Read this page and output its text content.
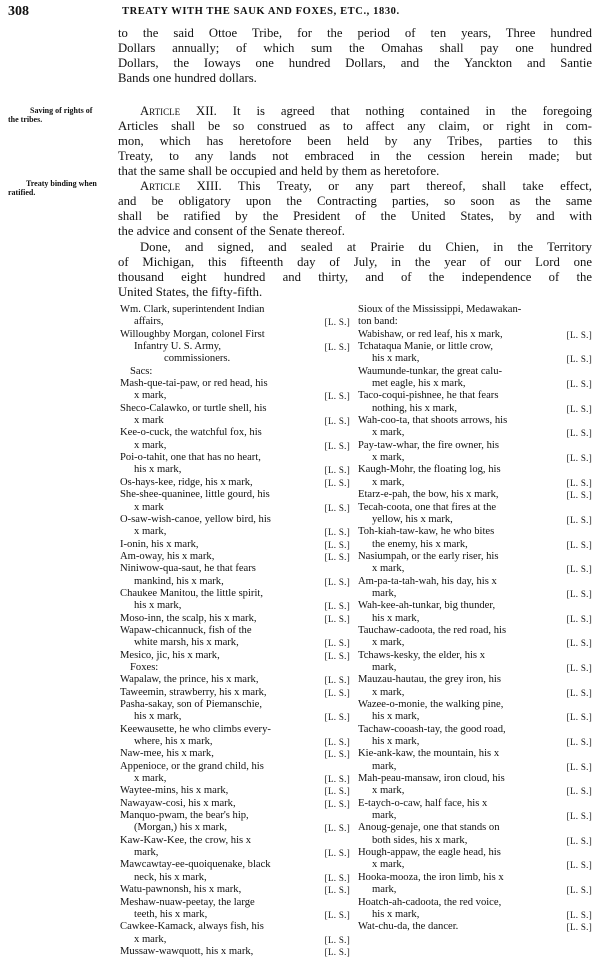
308	TREATY WITH THE SAUK AND FOXES, ETC., 1830.
Saving of rights of
the tribes.
Treaty binding when
ratified.
to the said Ottoe Tribe, for the period of ten years, Three hundred
Dollars annually; of which sum the Omahas shall pay one hundred
Dollars, the Ioways one hundred Dollars, and the Yanckton and Santie
Bands one hundred dollars.
Article XII. It is agreed that nothing contained in the foregoing
Articles shall be so construed as to affect any claim, or right in com-
mon, which has heretofore been held by any Tribes, parties to this
Treaty, to any lands not embraced in the cession herein made; but
that the same shall be occupied and held by them as heretofore.
Article XIII. This Treaty, or any part thereof, shall take effect,
and be obligatory upon the Contracting parties, so soon as the same
shall be ratified by the President of the United States, by and with
the advice and consent of the Senate thereof.
Done, and signed, and sealed at Prairie du Chien, in the Territory
of Michigan, this fifteenth day of July, in the year of our Lord one
thousand eight hundred and thirty, and of the independence of the
United States, the fifty-fifth.
Wm. Clark, superintendent Indian
affairs,	[L. S.]
Willoughby Morgan, colonel First
Infantry U. S. Army,
commissioners.
[L. S.]
Sacs:
Mash-que-tai-paw, or red head, his
x mark,	[L. S.]
Sheco-Calawko, or turtle shell, his
x mark	[L. S.]
Kee-o-cuck, the watchful fox, his
x mark,	[L. S.]
Poi-o-tahit, one that has no heart,
his x mark,	[L. S.]
Os-hays-kee, ridge, his x mark,	[L. S.]
She-shee-quaninee, little gourd, his
x mark	[L. S.]
O-saw-wish-canoe, yellow bird, his
x mark,	[L. S.]
I-onin, his x mark,	[L. S.]
Am-oway, his x mark,	[L. S.]
Niniwow-qua-saut, he that fears
mankind, his x mark,	[L. S.]
Chaukee Manitou, the little spirit,
his x mark,	[L. S.]
Moso-inn, the scalp, his x mark,	[L. S.]
Wapaw-chicannuck, fish of the
white marsh, his x mark,	[L. S.]
Mesico, jic, his x mark,	[L. S.]
Foxes:
Wapalaw, the prince, his x mark,	[L. S.]
Taweemin, strawberry, his x mark,	[L. S.]
Pasha-sakay, son of Piemanschie,
his x mark,	[L. S.]
Keewausette, he who climbs every-
where, his x mark,	[L. S.]
Naw-mee, his x mark,	[L. S.]
Appenioce, or the grand child, his
x mark,	[L. S.]
Waytee-mins, his x mark,	[L. S.]
Nawayaw-cosi, his x mark,	[L. S.]
Manquo-pwam, the bear's hip,
(Morgan,) his x mark,	[L. S.]
Kaw-Kaw-Kee, the crow, his x
mark,	[L. S.]
Mawcawtay-ee-quoiquenake, black
neck, his x mark,	[L. S.]
Watu-pawnonsh, his x mark,	[L. S.]
Meshaw-nuaw-peetay, the large
teeth, his x mark,	[L. S.]
Cawkee-Kamack, always fish, his
x mark,	[L. S.]
Mussaw-wawquott, his x mark,	[L. S.]
Sioux of the Mississippi, Medawakan-
ton band:
Wabishaw, or red leaf, his x mark,	[L. S.]
Tchataqua Manie, or little crow,
his x mark,	[L. S.]
Waumunde-tunkar, the great calu-
met eagle, his x mark,	[L. S.]
Taco-coqui-pishnee, he that fears
nothing, his x mark,	[L. S.]
Wah-coo-ta, that shoots arrows, his
x mark,	[L. S.]
Pay-taw-whar, the fire owner, his
x mark,	[L. S.]
Kaugh-Mohr, the floating log, his
x mark,	[L. S.]
Etarz-e-pah, the bow, his x mark,	[L. S.]
Tecah-coota, one that fires at the
yellow, his x mark,	[L. S.]
Toh-kiah-taw-kaw, he who bites
the enemy, his x mark,	[L. S.]
Nasiumpah, or the early riser, his
x mark,	[L. S.]
Am-pa-ta-tah-wah, his day, his x
mark,	[L. S.]
Wah-kee-ah-tunkar, big thunder,
his x mark,	[L. S.]
Tauchaw-cadoota, the red road, his
x mark,	[L. S.]
Tchaws-kesky, the elder, his x
mark,	[L. S.]
Mauzau-hautau, the grey iron, his
x mark,	[L. S.]
Wazee-o-monie, the walking pine,
his x mark,	[L. S.]
Tachaw-cooash-tay, the good road,
his x mark,	[L. S.]
Kie-ank-kaw, the mountain, his x
mark,	[L. S.]
Mah-peau-mansaw, iron cloud, his
x mark,	[L. S.]
E-taych-o-caw, half face, his x
mark,	[L. S.]
Anoug-genaje, one that stands on
both sides, his x mark,	[L. S.]
Hough-appaw, the eagle head, his
x mark,	[L. S.]
Hooka-mooza, the iron limb, his x
mark,	[L. S.]
Hoatch-ah-cadoota, the red voice,
his x mark,	[L. S.]
Wat-chu-da, the dancer.	[L. S.]
